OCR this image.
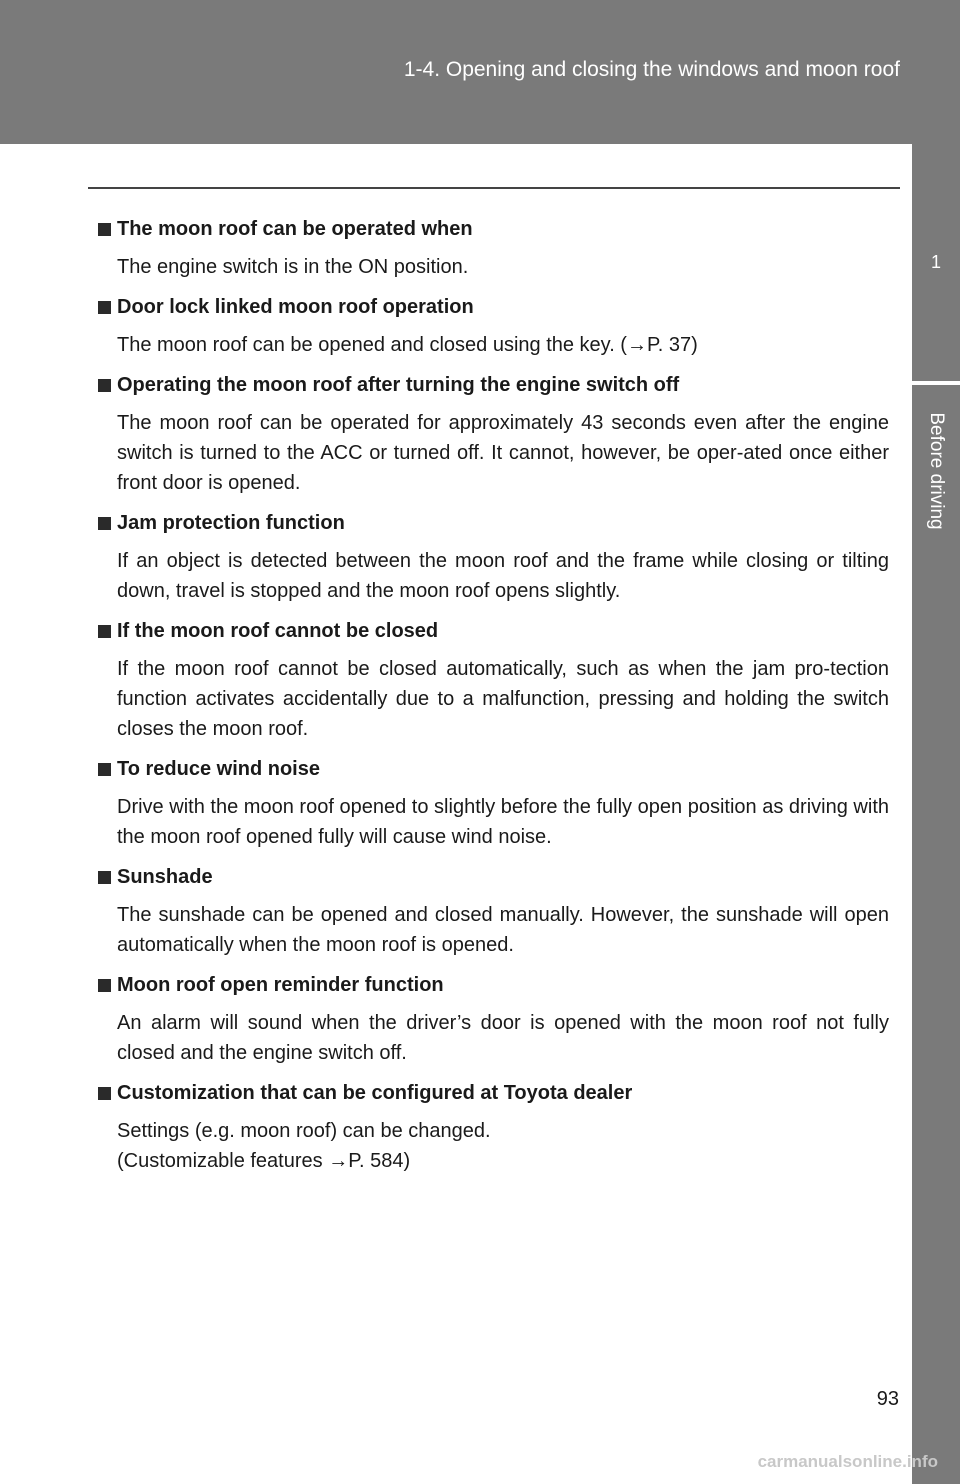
1-4. Opening and closing the windows and moon roof
1
Before driving
The moon roof can be operated when
The engine switch is in the ON position.
Door lock linked moon roof operation
The moon roof can be opened and closed using the key. (→P. 37)
Operating the moon roof after turning the engine switch off
The moon roof can be operated for approximately 43 seconds even after the engine switch is turned to the ACC or turned off. It cannot, however, be oper-ated once either front door is opened.
Jam protection function
If an object is detected between the moon roof and the frame while closing or tilting down, travel is stopped and the moon roof opens slightly.
If the moon roof cannot be closed
If the moon roof cannot be closed automatically, such as when the jam pro-tection function activates accidentally due to a malfunction, pressing and holding the switch closes the moon roof.
To reduce wind noise
Drive with the moon roof opened to slightly before the fully open position as driving with the moon roof opened fully will cause wind noise.
Sunshade
The sunshade can be opened and closed manually. However, the sunshade will open automatically when the moon roof is opened.
Moon roof open reminder function
An alarm will sound when the driver’s door is opened with the moon roof not fully closed and the engine switch off.
Customization that can be configured at Toyota dealer
Settings (e.g. moon roof) can be changed.
(Customizable features →P. 584)
93
carmanualsonline.info
